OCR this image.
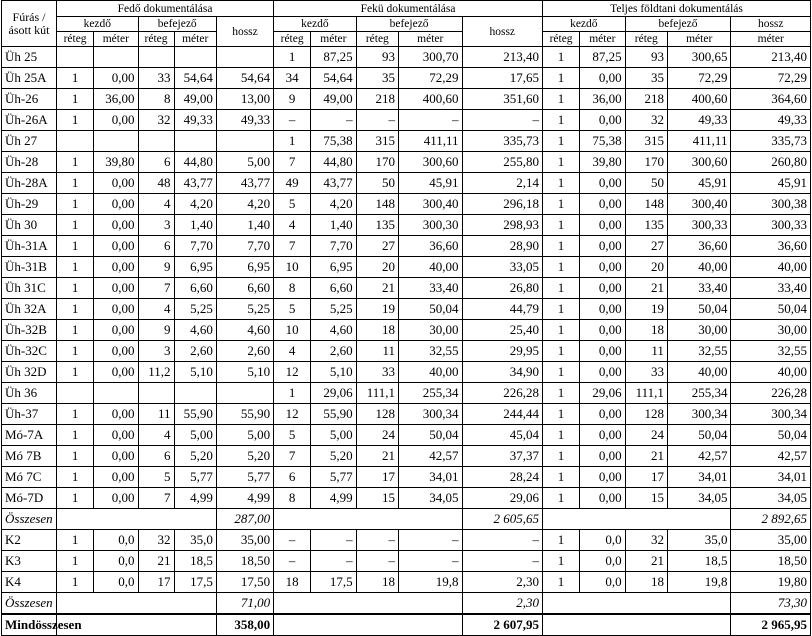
Fúrás /
ásott kút	Fedő dokumentálása					Fekü dokumentálása					Teljes földtani dokumentálás				
	kezdő		befejező		hossz	kezdő		befejező		hossz	kezdő		befejező		hossz
	réteg	méter	réteg	méter		réteg	méter	réteg	méter		réteg	méter	réteg	méter	méter
Üh 25						1	87,25	93	300,70	213,40	1	87,25	93	300,65	213,40
Üh 25A	1	0,00	33	54,64	54,64	34	54,64	35	72,29	17,65	1	0,00	35	72,29	72,29
Üh-26	1	36,00	8	49,00	13,00	9	49,00	218	400,60	351,60	1	36,00	218	400,60	364,60
Üh-26A	1	0,00	32	49,33	49,33	–	–	–	–	–	1	0,00	32	49,33	49,33
Üh 27						1	75,38	315	411,11	335,73	1	75,38	315	411,11	335,73
Üh-28	1	39,80	6	44,80	5,00	7	44,80	170	300,60	255,80	1	39,80	170	300,60	260,80
Üh-28A	1	0,00	48	43,77	43,77	49	43,77	50	45,91	2,14	1	0,00	50	45,91	45,91
Üh-29	1	0,00	4	4,20	4,20	5	4,20	148	300,40	296,18	1	0,00	148	300,40	300,38
Üh 30	1	0,00	3	1,40	1,40	4	1,40	135	300,30	298,93	1	0,00	135	300,33	300,33
Üh-31A	1	0,00	6	7,70	7,70	7	7,70	27	36,60	28,90	1	0,00	27	36,60	36,60
Üh-31B	1	0,00	9	6,95	6,95	10	6,95	20	40,00	33,05	1	0,00	20	40,00	40,00
Üh 31C	1	0,00	7	6,60	6,60	8	6,60	21	33,40	26,80	1	0,00	21	33,40	33,40
Üh 32A	1	0,00	4	5,25	5,25	5	5,25	19	50,04	44,79	1	0,00	19	50,04	50,04
Üh-32B	1	0,00	9	4,60	4,60	10	4,60	18	30,00	25,40	1	0,00	18	30,00	30,00
Üh-32C	1	0,00	3	2,60	2,60	4	2,60	11	32,55	29,95	1	0,00	11	32,55	32,55
Üh 32D	1	0,00	11,2	5,10	5,10	12	5,10	33	40,00	34,90	1	0,00	33	40,00	40,00
Üh 36						1	29,06	111,1	255,34	226,28	1	29,06	111,1	255,34	226,28
Üh-37	1	0,00	11	55,90	55,90	12	55,90	128	300,34	244,44	1	0,00	128	300,34	300,34
Mó-7A	1	0,00	4	5,00	5,00	5	5,00	24	50,04	45,04	1	0,00	24	50,04	50,04
Mó 7B	1	0,00	6	5,20	5,20	7	5,20	21	42,57	37,37	1	0,00	21	42,57	42,57
Mó 7C	1	0,00	5	5,77	5,77	6	5,77	17	34,01	28,24	1	0,00	17	34,01	34,01
Mó-7D	1	0,00	7	4,99	4,99	8	4,99	15	34,05	29,06	1	0,00	15	34,05	34,05
Összesen					287,00					2 605,65					2 892,65
K2	1	0,0	32	35,0	35,00	–	–	–	–	–	1	0,0	32	35,0	35,00
K3	1	0,0	21	18,5	18,50	–	–	–	–	–	1	0,0	21	18,5	18,50
K4	1	0,0	17	17,5	17,50	18	17,5	18	19,8	2,30	1	0,0	18	19,8	19,80
Összesen					71,00					2,30					73,30
Mindösszesen					358,00					2 607,95					2 965,95
